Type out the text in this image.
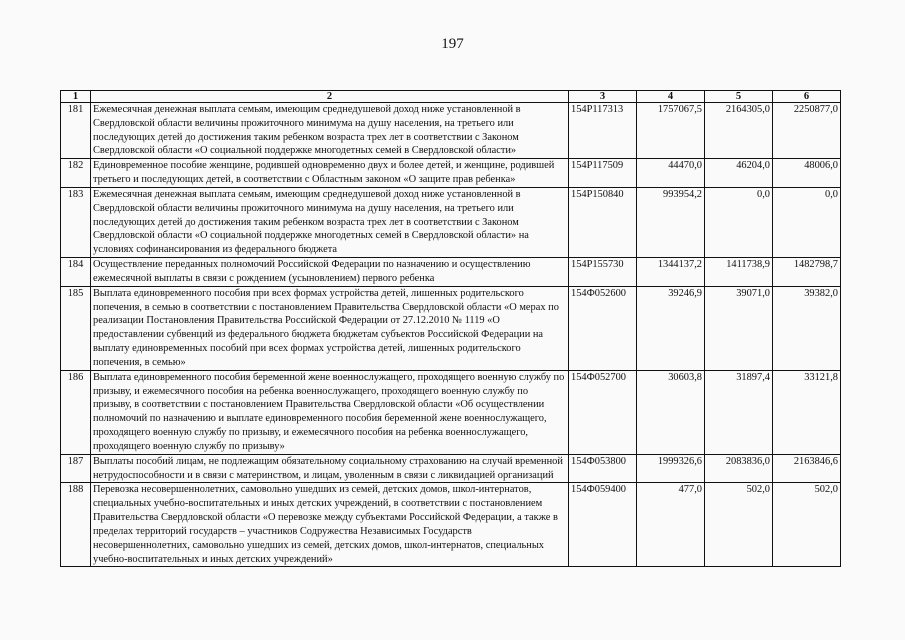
197
1	2	3	4	5	6
181	Ежемесячная денежная выплата семьям, имеющим среднедушевой доход ниже установленной в Свердловской области величины прожиточного минимума на душу населения, на третьего или последующих детей до достижения таким ребенком возраста трех лет в соответствии с Законом Свердловской области «О социальной поддержке многодетных семей в Свердловской области»	154P117313	1757067,5	2164305,0	2250877,0
182	Единовременное пособие женщине, родившей одновременно двух и более детей, и женщине, родившей третьего и последующих детей, в соответствии с Областным законом «О защите прав ребенка»	154P117509	44470,0	46204,0	48006,0
183	Ежемесячная денежная выплата семьям, имеющим среднедушевой доход ниже установленной в Свердловской области величины прожиточного минимума на душу населения, на третьего или последующих детей до достижения таким ребенком возраста трех лет в соответствии с Законом Свердловской области «О социальной поддержке многодетных семей в Свердловской области» на условиях софинансирования из федерального бюджета	154P150840	993954,2	0,0	0,0
184	Осуществление переданных полномочий Российской Федерации по назначению и осуществлению ежемесячной выплаты в связи с рождением (усыновлением) первого ребенка	154P155730	1344137,2	1411738,9	1482798,7
185	Выплата единовременного пособия при всех формах устройства детей, лишенных родительского попечения, в семью в соответствии с постановлением Правительства Свердловской области «О мерах по реализации Постановления Правительства Российской Федерации от 27.12.2010 № 1119 «О предоставлении субвенций из федерального бюджета бюджетам субъектов Российской Федерации на выплату единовременных пособий при всех формах устройства детей, лишенных родительского попечения, в семью»	154Ф052600	39246,9	39071,0	39382,0
186	Выплата единовременного пособия беременной жене военнослужащего, проходящего военную службу по призыву, и ежемесячного пособия на ребенка военнослужащего, проходящего военную службу по призыву, в соответствии с постановлением Правительства Свердловской области «Об осуществлении полномочий по назначению и выплате единовременного пособия беременной жене военнослужащего, проходящего военную службу по призыву, и ежемесячного пособия на ребенка военнослужащего, проходящего военную службу по призыву»	154Ф052700	30603,8	31897,4	33121,8
187	Выплаты пособий лицам, не подлежащим обязательному социальному страхованию на случай временной нетрудоспособности и в связи с материнством, и лицам, уволенным в связи с ликвидацией организаций	154Ф053800	1999326,6	2083836,0	2163846,6
188	Перевозка несовершеннолетних, самовольно ушедших из семей, детских домов, школ-интернатов, специальных учебно-воспитательных и иных детских учреждений, в соответствии с постановлением Правительства Свердловской области «О перевозке между субъектами Российской Федерации, а также в пределах территорий государств – участников Содружества Независимых Государств несовершеннолетних, самовольно ушедших из семей, детских домов, школ-интернатов, специальных учебно-воспитательных и иных детских учреждений»	154Ф059400	477,0	502,0	502,0
